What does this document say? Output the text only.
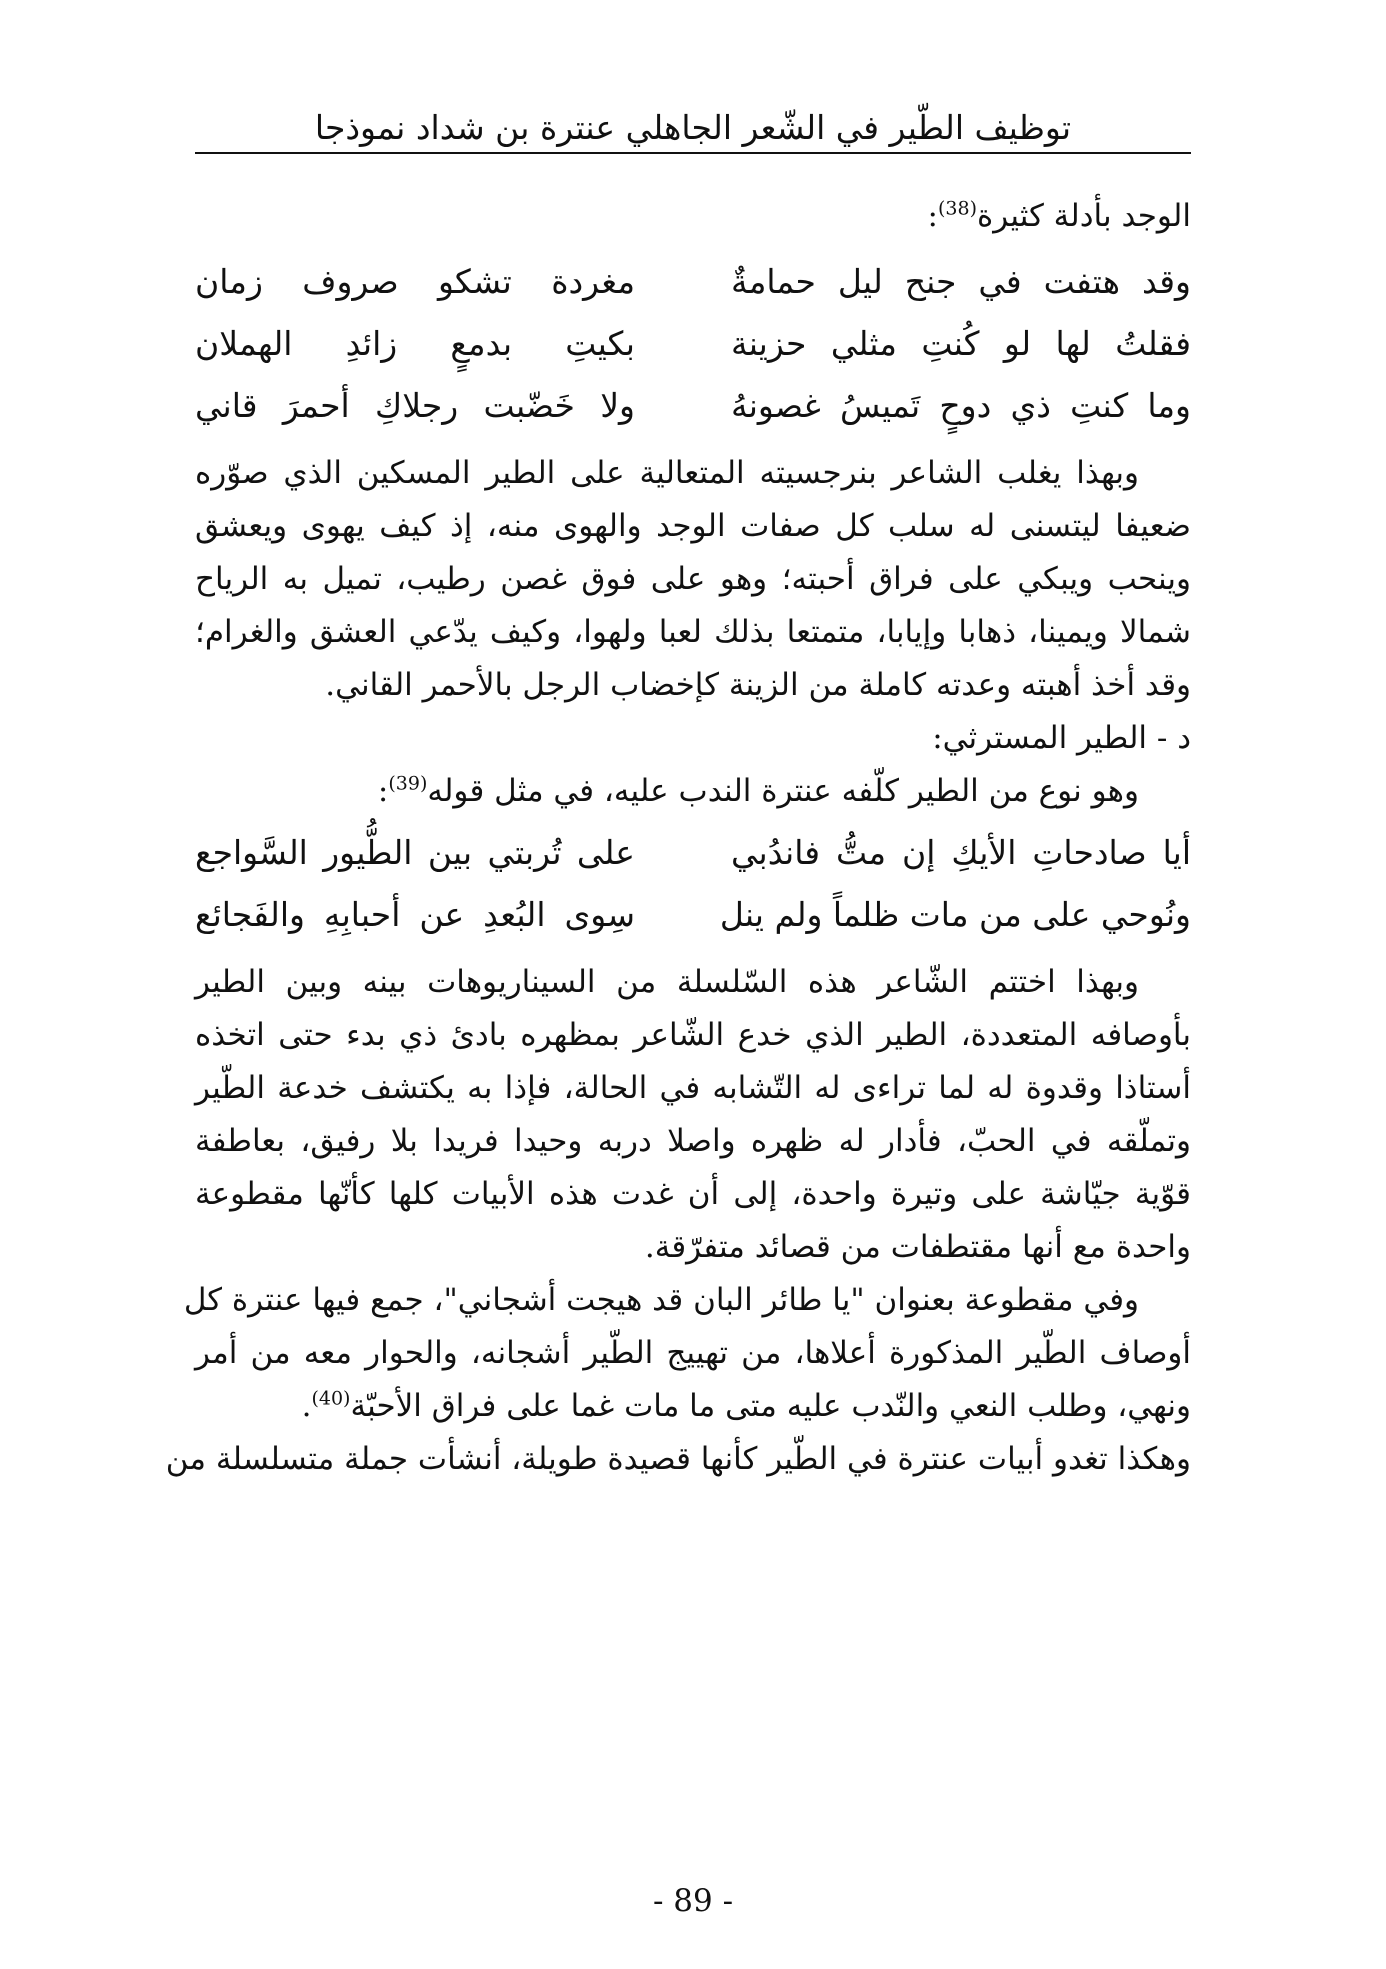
توظيف الطّير في الشّعر الجاهلي عنترة بن شداد نموذجا

الوجد بأدلة كثيرة$^{(38)}$:

وقد هتفت في جنح ليل حمامةٌ
مغردة تشكو صروف زمان
فقلتُ لها لو كُنتِ مثلي حزينة
بكيتِ بدمعٍ زائدِ الهملان
وما كنتِ ذي دوحٍ تَميسُ غصونهُ
ولا خَضّبت رجلاكِ أحمرَ قاني

وبهذا يغلب الشاعر بنرجسيته المتعالية على الطير المسكين الذي صوّره

ضعيفا ليتسنى له سلب كل صفات الوجد والهوى منه، إذ كيف يهوى ويعشق

وينحب ويبكي على فراق أحبته؛ وهو على فوق غصن رطيب، تميل به الرياح

شمالا ويمينا، ذهابا وإيابا، متمتعا بذلك لعبا ولهوا، وكيف يدّعي العشق والغرام؛

وقد أخذ أهبته وعدته كاملة من الزينة كإخضاب الرجل بالأحمر القاني.

د - الطير المسترثي:

وهو نوع من الطير كلّفه عنترة الندب عليه، في مثل قوله$^{(39)}$:

أيا صادحاتِ الأيكِ إن متُّ فاندُبي
على تُربتي بين الطُّيور السَّواجع
ونُوحي على من مات ظلماً ولم ينل
سِوى البُعدِ عن أحبابِهِ والفَجائع

وبهذا اختتم الشّاعر هذه السّلسلة من السيناريوهات بينه وبين الطير

بأوصافه المتعددة، الطير الذي خدع الشّاعر بمظهره بادئ ذي بدء حتى اتخذه

أستاذا وقدوة له لما تراءى له التّشابه في الحالة، فإذا به يكتشف خدعة الطّير

وتملّقه في الحبّ، فأدار له ظهره واصلا دربه وحيدا فريدا بلا رفيق، بعاطفة

قوّية جيّاشة على وتيرة واحدة، إلى أن غدت هذه الأبيات كلها كأنّها مقطوعة

واحدة مع أنها مقتطفات من قصائد متفرّقة.

وفي مقطوعة بعنوان "يا طائر البان قد هيجت أشجاني"، جمع فيها عنترة كل

أوصاف الطّير المذكورة أعلاها، من تهييج الطّير أشجانه، والحوار معه من أمر

ونهي، وطلب النعي والنّدب عليه متى ما مات غما على فراق الأحبّة$^{(40)}$.

وهكذا تغدو أبيات عنترة في الطّير كأنها قصيدة طويلة، أنشأت جملة متسلسلة من

- 89 -
